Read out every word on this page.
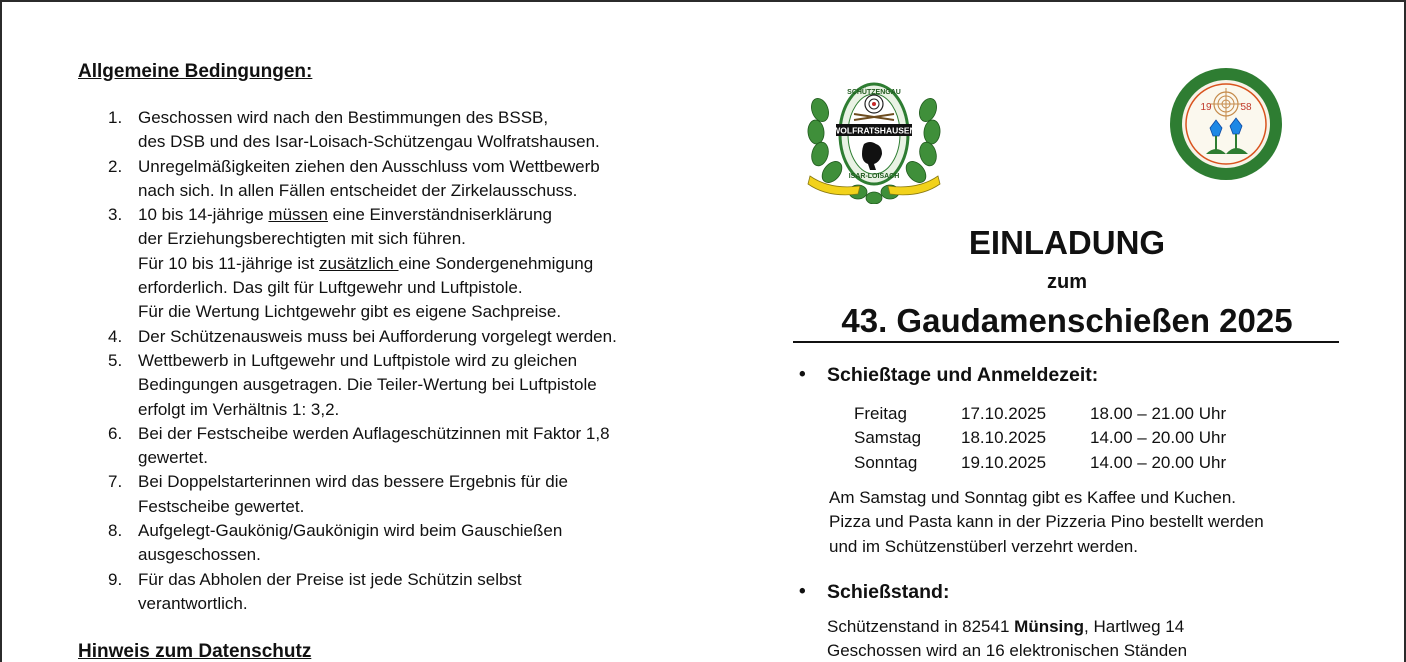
Allgemeine Bedingungen:
1. Geschossen wird nach den Bestimmungen des BSSB,
des DSB und des Isar-Loisach-Schützengau Wolfratshausen.
2. Unregelmäßigkeiten ziehen den Ausschluss vom Wettbewerb
nach sich. In allen Fällen entscheidet der Zirkelausschuss.
3. 10 bis 14-jährige müssen eine Einverständniserklärung
der Erziehungsberechtigten mit sich führen.
Für 10 bis 11-jährige ist zusätzlich eine Sondergenehmigung
erforderlich. Das gilt für Luftgewehr und Luftpistole.
Für die Wertung Lichtgewehr gibt es eigene Sachpreise.
4. Der Schützenausweis muss bei Aufforderung vorgelegt werden.
5. Wettbewerb in Luftgewehr und Luftpistole wird zu gleichen
Bedingungen ausgetragen. Die Teiler-Wertung bei Luftpistole
erfolgt im Verhältnis 1: 3,2.
6. Bei der Festscheibe werden Auflageschützinnen mit Faktor 1,8
gewertet.
7. Bei Doppelstarterinnen wird das bessere Ergebnis für die
Festscheibe gewertet.
8. Aufgelegt-Gaukönig/Gaukönigin wird beim Gauschießen
ausgeschossen.
9. Für das Abholen der Preise ist jede Schützin selbst
verantwortlich.
Hinweis zum Datenschutz
WOLFRATSHAUSEN
SCHÜTZENGAU
ISAR-LOISACH
19	58

EINLADUNG

zum

43. Gaudamenschießen 2025

• Schießtage und Anmeldezeit:
Freitag	17.10.2025	18.00 – 21.00 Uhr
Samstag	18.10.2025	14.00 – 20.00 Uhr
Sonntag	19.10.2025	14.00 – 20.00 Uhr
Am Samstag und Sonntag gibt es Kaffee und Kuchen.
Pizza und Pasta kann in der Pizzeria Pino bestellt werden
und im Schützenstüberl verzehrt werden.
• Schießstand:
Schützenstand in 82541 Münsing, Hartlweg 14
Geschossen wird an 16 elektronischen Ständen
